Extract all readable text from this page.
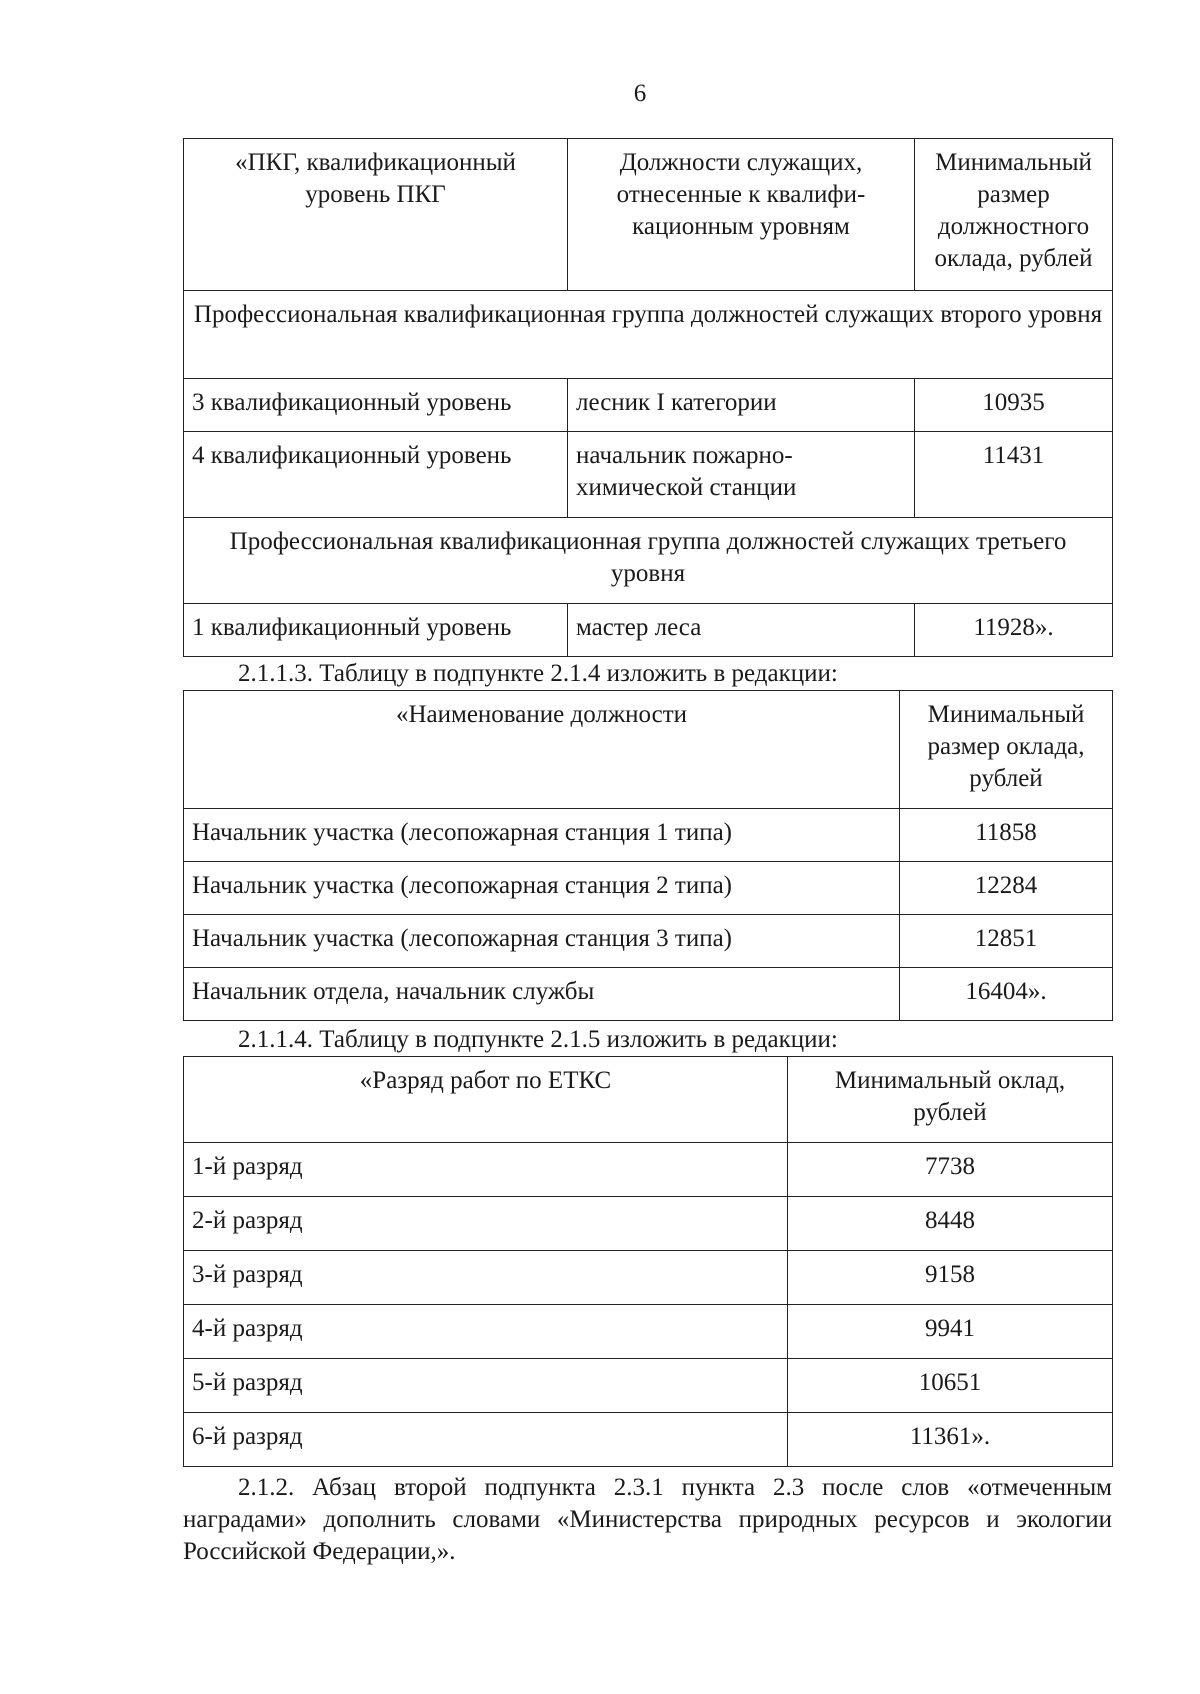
6
«ПКГ, квалификационный уровень ПКГ	Должности служащих, отнесенные к квалифи-кационным уровням	Минимальный размер должностного оклада, рублей
Профессиональная квалификационная группа должностей служащих второго уровня		
3 квалификационный уровень	лесник I категории	10935
4 квалификационный уровень	начальник пожарно-химической станции	11431
Профессиональная квалификационная группа должностей служащих третьего уровня		
1 квалификационный уровень	мастер леса	11928».

2.1.1.3. Таблицу в подпункте 2.1.4 изложить в редакции:

«Наименование должности	Минимальный размер оклада, рублей
Начальник участка (лесопожарная станция 1 типа)	11858
Начальник участка (лесопожарная станция 2 типа)	12284
Начальник участка (лесопожарная станция 3 типа)	12851
Начальник отдела, начальник службы	16404».

2.1.1.4. Таблицу в подпункте 2.1.5 изложить в редакции:

«Разряд работ по ЕТКС	Минимальный оклад, рублей
1-й разряд	7738
2-й разряд	8448
3-й разряд	9158
4-й разряд	9941
5-й разряд	10651
6-й разряд	11361».

2.1.2. Абзац второй подпункта 2.3.1 пункта 2.3 после слов «отмеченным наградами» дополнить словами «Министерства природных ресурсов и экологии Российской Федерации,».
